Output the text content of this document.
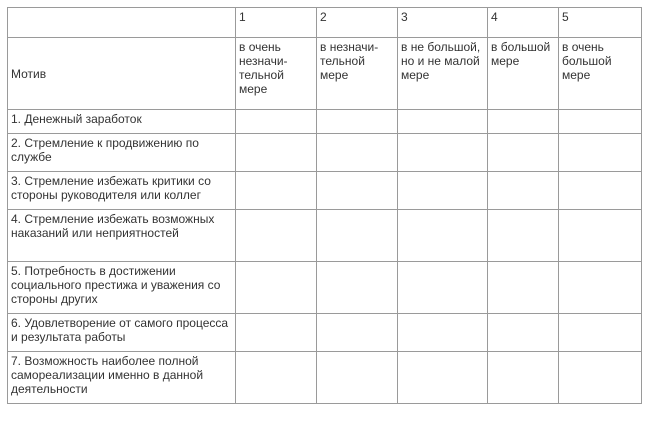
	1	2	3	4	5
Мотив	в очень незначи-тельной мере	в незначи-тельной мере	в не большой, но и не малой мере	в большой мере	в очень большой мере
1. Денежный заработок					
2. Стремление к продвижению по службе					
3. Стремление избежать критики со стороны руководителя или коллег					
4. Стремление избежать возможных наказаний или неприятностей					
5. Потребность в достижении социального престижа и уважения со стороны других					
6. Удовлетворение от самого процесса и результата работы					
7. Возможность наиболее полной самореализации именно в данной деятельности					
